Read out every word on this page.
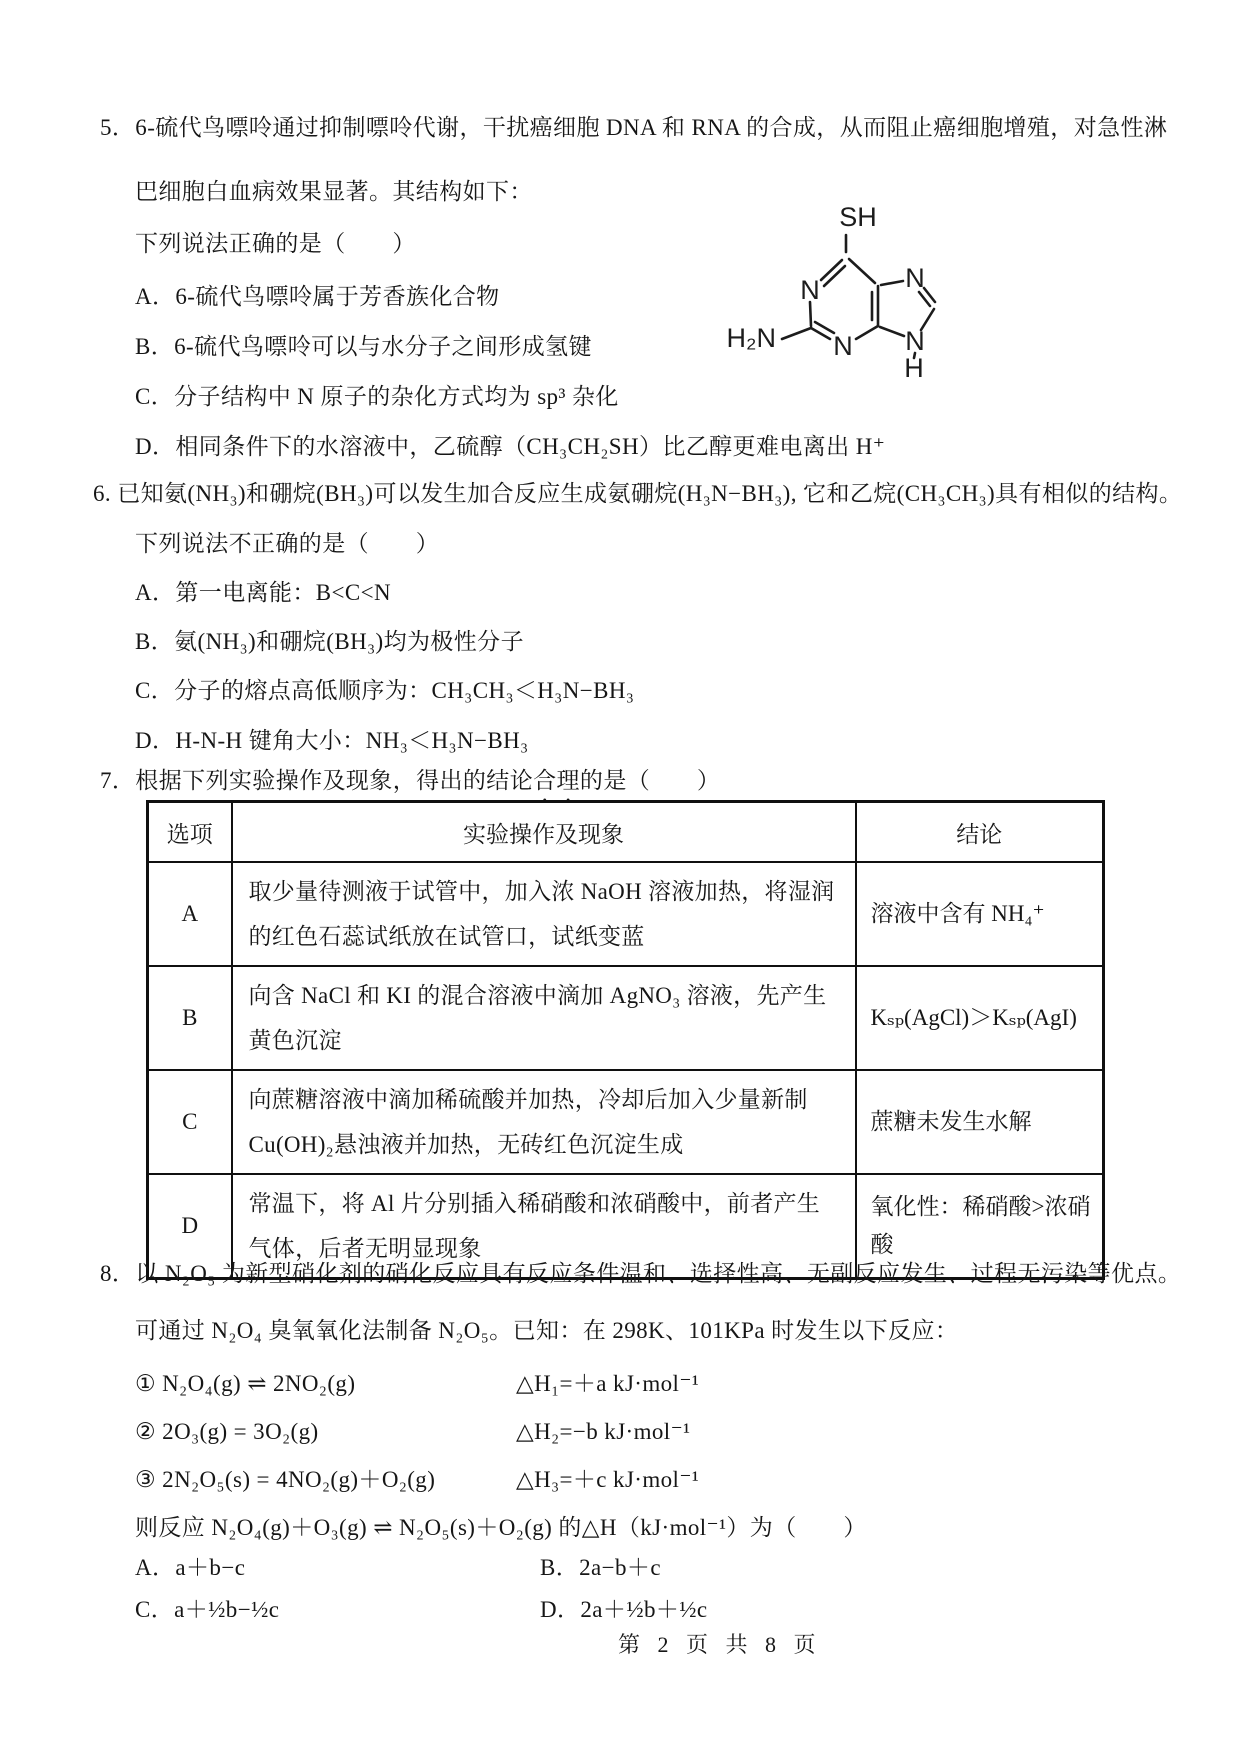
5．6-硫代鸟嘌呤通过抑制嘌呤代谢，干扰癌细胞 DNA 和 RNA 的合成，从而阻止癌细胞增殖，对急性淋
巴细胞白血病效果显著。其结构如下：
下列说法正确的是（　　）
A．6-硫代鸟嘌呤属于芳香族化合物
B．6-硫代鸟嘌呤可以与水分子之间形成氢键
C．分子结构中 N 原子的杂化方式均为 sp³ 杂化
D．相同条件下的水溶液中，乙硫醇（CH₃CH₂SH）比乙醇更难电离出 H⁺
SH
N
N
N
N
H
H₂N
6. 已知氨(NH₃)和硼烷(BH₃)可以发生加合反应生成氨硼烷(H₃N−BH₃), 它和乙烷(CH₃CH₃)具有相似的结构。
下列说法不正确的是（　　）
A．第一电离能：B<C<N
B．氨(NH₃)和硼烷(BH₃)均为极性分子
C．分子的熔点高低顺序为：CH₃CH₃＜H₃N−BH₃
D．H-N-H 键角大小：NH₃＜H₃N−BH₃
7．根据下列实验操作及现象，得出的结论合理的是（　　）
选项	实验操作及现象	结论
A	取少量待测液于试管中，加入浓 NaOH 溶液加热，将湿润的红色石蕊试纸放在试管口，试纸变蓝	溶液中含有 NH₄⁺
B	向含 NaCl 和 KI 的混合溶液中滴加 AgNO₃ 溶液，先产生黄色沉淀	Kₛₚ(AgCl)＞Kₛₚ(AgI)
C	向蔗糖溶液中滴加稀硫酸并加热，冷却后加入少量新制 Cu(OH)₂悬浊液并加热，无砖红色沉淀生成	蔗糖未发生水解
D	常温下，将 Al 片分别插入稀硝酸和浓硝酸中，前者产生气体，后者无明显现象	氧化性：稀硝酸>浓硝酸
8．以 N₂O₅ 为新型硝化剂的硝化反应具有反应条件温和、选择性高、无副反应发生、过程无污染等优点。
可通过 N₂O₄ 臭氧氧化法制备 N₂O₅。已知：在 298K、101KPa 时发生以下反应：
① N₂O₄(g) ⇌ 2NO₂(g)	△H₁=＋a kJ·mol⁻¹
② 2O₃(g) = 3O₂(g)	△H₂=−b kJ·mol⁻¹
③ 2N₂O₅(s) = 4NO₂(g)＋O₂(g)	△H₃=＋c kJ·mol⁻¹
则反应 N₂O₄(g)＋O₃(g) ⇌ N₂O₅(s)＋O₂(g) 的△H（kJ·mol⁻¹）为（　　）
A．a＋b−c	B．2a−b＋c
C．a＋½b−½c	D．2a＋½b＋½c
第 2 页 共 8 页
